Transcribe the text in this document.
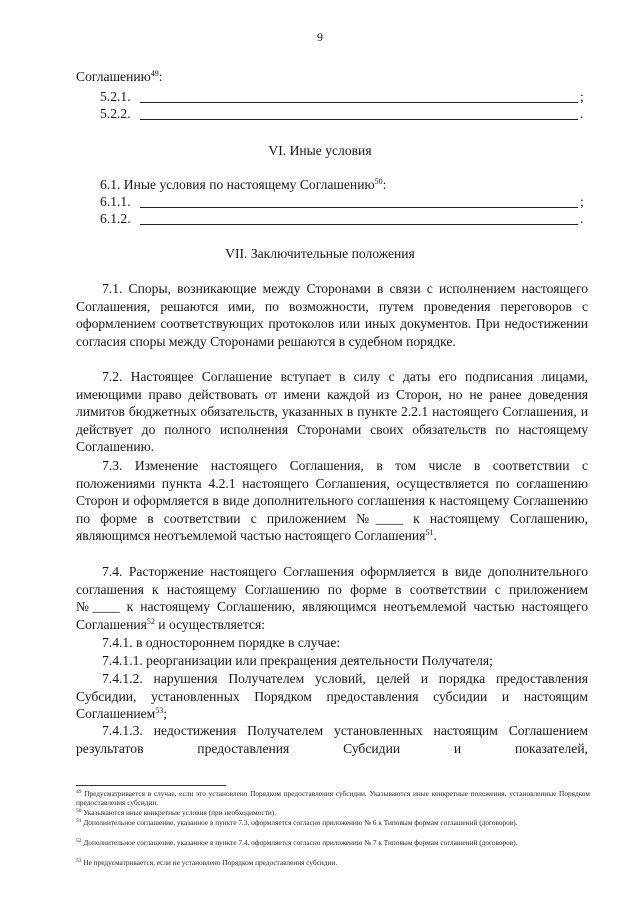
9
Соглашению$^{49}$:
5.2.1.	;
5.2.2.	.
VI. Иные условия
6.1. Иные условия по настоящему Соглашению$^{50}$:
6.1.1.	;
6.1.2.	.
VII. Заключительные положения
7.1. Споры, возникающие между Сторонами в связи с исполнением настоящего Соглашения, решаются ими, по возможности, путем проведения переговоров с оформлением соответствующих протоколов или иных документов. При недостижении согласия споры между Сторонами решаются в судебном порядке.
7.2. Настоящее Соглашение вступает в силу с даты его подписания лицами, имеющими право действовать от имени каждой из Сторон, но не ранее доведения лимитов бюджетных обязательств, указанных в пункте 2.2.1 настоящего Соглашения, и действует до полного исполнения Сторонами своих обязательств по настоящему Соглашению.
7.3. Изменение настоящего Соглашения, в том числе в соответствии с положениями пункта 4.2.1 настоящего Соглашения, осуществляется по соглашению Сторон и оформляется в виде дополнительного соглашения к настоящему Соглашению по форме в соответствии с приложением №____ к настоящему Соглашению, являющимся неотъемлемой частью настоящего Соглашения$^{51}$.
7.4. Расторжение настоящего Соглашения оформляется в виде дополнительного соглашения к настоящему Соглашению по форме в соответствии с приложением №____ к настоящему Соглашению, являющимся неотъемлемой частью настоящего Соглашения$^{52}$ и осуществляется:
7.4.1. в одностороннем порядке в случае:
7.4.1.1. реорганизации или прекращения деятельности Получателя;
7.4.1.2. нарушения Получателем условий, целей и порядка предоставления Субсидии, установленных Порядком предоставления субсидии и настоящим Соглашением$^{53}$;
7.4.1.3. недостижения Получателем установленных настоящим Соглашением результатов предоставления Субсидии и показателей,
$^{49}$ Предусматривается в случае, если это установлено Порядком предоставления субсидии. Указываются иные конкретные положения, установленные Порядком предоставления субсидии.
$^{50}$ Указываются иные конкретные условия (при необходимости).
$^{51}$ Дополнительное соглашение, указанное в пункте 7.3, оформляется согласно приложению № 6 к Типовым формам соглашений (договоров).
$^{52}$ Дополнительное соглашение, указанное в пункте 7.4, оформляется согласно приложению № 7 к Типовым формам соглашений (договоров).
$^{53}$ Не предусматривается, если не установлено Порядком предоставления субсидии.
